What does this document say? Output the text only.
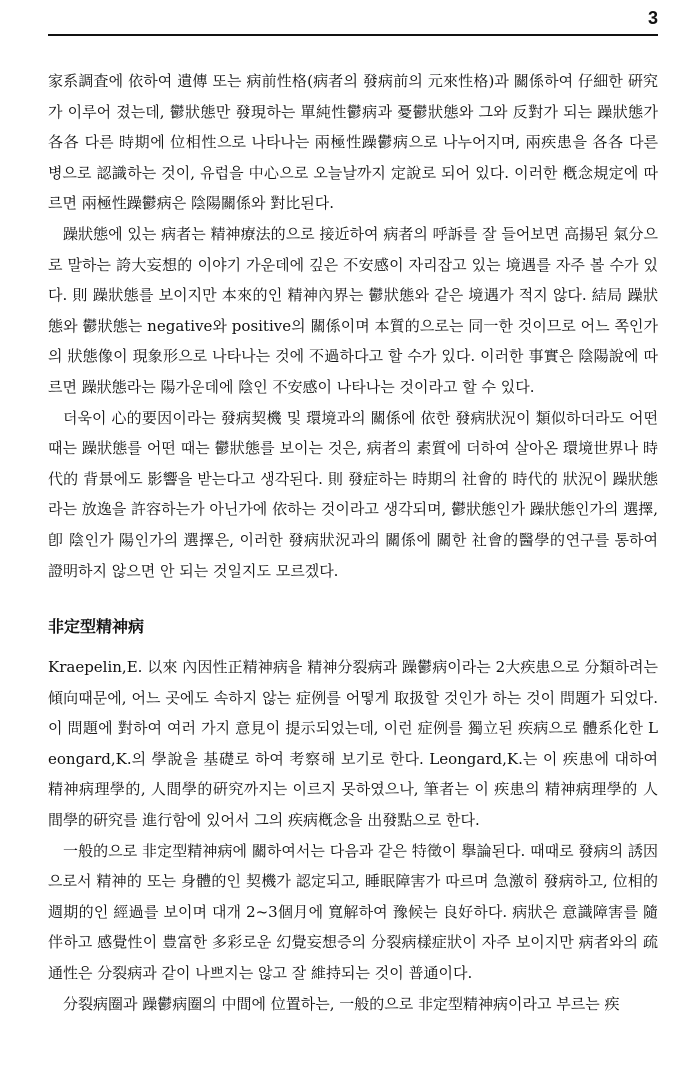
3

家系調査에 依하여 遺傳 또는 病前性格(病者의 發病前의 元來性格)과 關係하여 仔細한 硏究가 이루어 졌는데, 鬱狀態만 發現하는 單純性鬱病과 憂鬱狀態와 그와 反對가 되는 躁狀態가 各各 다른 時期에 位相性으로 나타나는 兩極性躁鬱病으로 나누어지며, 兩疾患을 各各 다른 병으로 認識하는 것이, 유럽을 中心으로 오늘날까지 定說로 되어 있다. 이러한 槪念規定에 따르면 兩極性躁鬱病은 陰陽關係와 對比된다.

躁狀態에 있는 病者는 精神療法的으로 接近하여 病者의 呼訴를 잘 들어보면 高揚된 氣分으로 말하는 誇大妄想的 이야기 가운데에 깊은 不安感이 자리잡고 있는 境遇를 자주 볼 수가 있다. 則 躁狀態를 보이지만 本來的인 精神內界는 鬱狀態와 같은 境遇가 적지 않다. 結局 躁狀態와 鬱狀態는 negative와 positive의 關係이며 本質的으로는 同一한 것이므로 어느 쪽인가의 狀態像이 現象形으로 나타나는 것에 不過하다고 할 수가 있다. 이러한 事實은 陰陽說에 따르면 躁狀態라는 陽가운데에 陰인 不安感이 나타나는 것이라고 할 수 있다.

더욱이 心的要因이라는 發病契機 및 環境과의 關係에 依한 發病狀況이 類似하더라도 어떤 때는 躁狀態를 어떤 때는 鬱狀態를 보이는 것은, 病者의 素質에 더하여 살아온 環境世界나 時代的 背景에도 影響을 받는다고 생각된다. 則 發症하는 時期의 社會的 時代的 狀況이 躁狀態라는 放逸을 許容하는가 아닌가에 依하는 것이라고 생각되며, 鬱狀態인가 躁狀態인가의 選擇, 卽 陰인가 陽인가의 選擇은, 이러한 發病狀況과의 關係에 關한 社會的醫學的연구를 통하여 證明하지 않으면 안 되는 것일지도 모르겠다.

非定型精神病

Kraepelin,E. 以來 內因性正精神病을 精神分裂病과 躁鬱病이라는 2大疾患으로 分類하려는 傾向때문에, 어느 곳에도 속하지 않는 症例를 어떻게 取扱할 것인가 하는 것이 問題가 되었다. 이 問題에 對하여 여러 가지 意見이 提示되었는데, 이런 症例를 獨立된 疾病으로 體系化한 Leongard,K.의 學說을 基礎로 하여 考察해 보기로 한다. Leongard,K.는 이 疾患에 대하여 精神病理學的, 人間學的硏究까지는 이르지 못하였으나, 筆者는 이 疾患의 精神病理學的 人間學的硏究를 進行함에 있어서 그의 疾病槪念을 出發點으로 한다.

一般的으로 非定型精神病에 關하여서는 다음과 같은 特徵이 擧論된다. 때때로 發病의 誘因으로서 精神的 또는 身體的인 契機가 認定되고, 睡眠障害가 따르며 急激히 發病하고, 位相的 週期的인 經過를 보이며 대개 2~3個月에 寬解하여 豫候는 良好하다. 病狀은 意識障害를 隨伴하고 感覺性이 豊富한 多彩로운 幻覺妄想증의 分裂病樣症狀이 자주 보이지만 病者와의 疏通性은 分裂病과 같이 나쁘지는 않고 잘 維持되는 것이 普通이다.

分裂病圈과 躁鬱病圈의 中間에 位置하는, 一般的으로 非定型精神病이라고 부르는 疾
